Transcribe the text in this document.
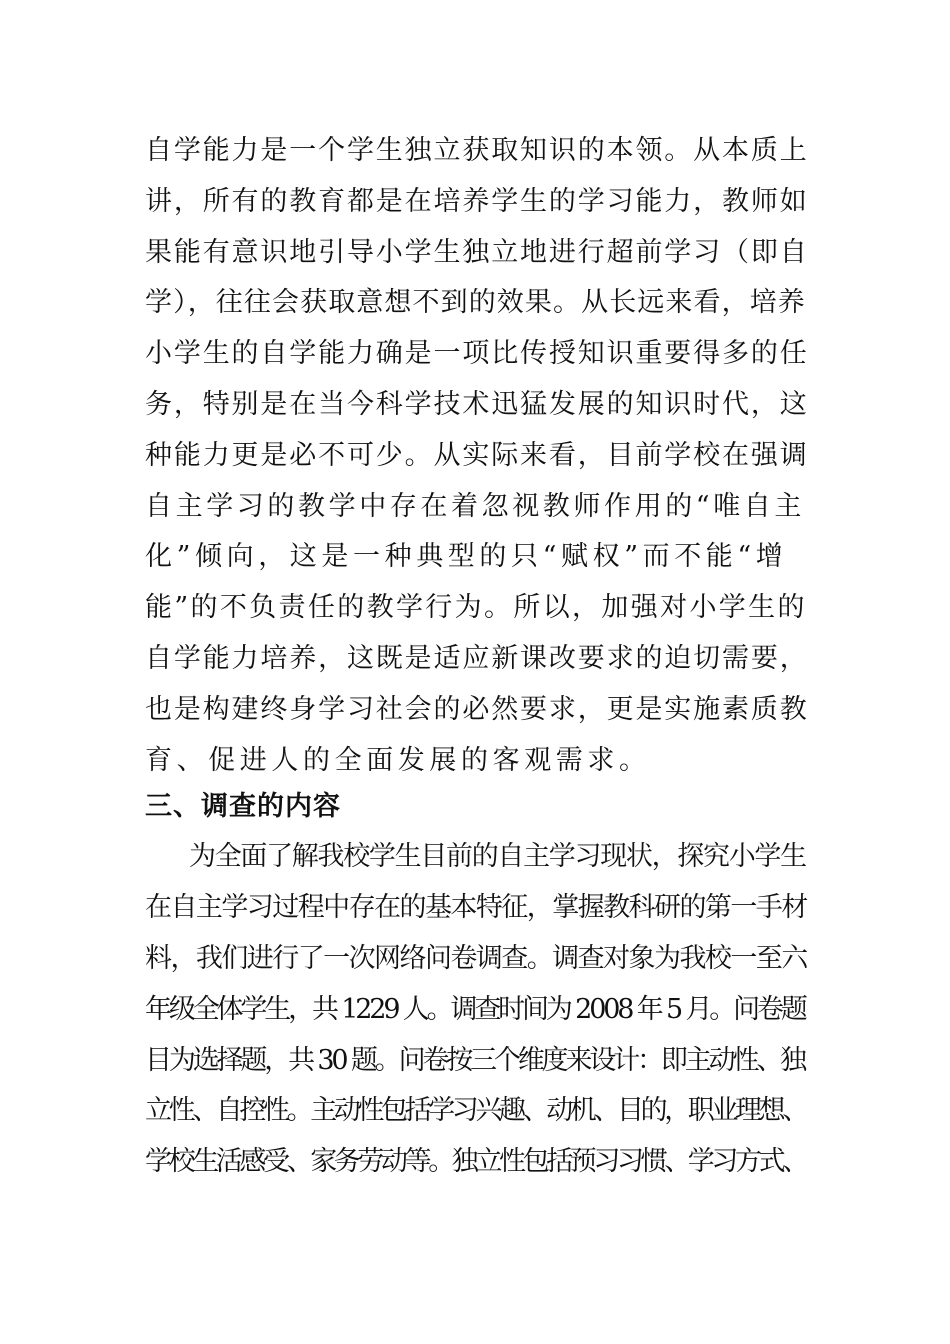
自学能力是一个学生独立获取知识的本领。从本质上
讲，所有的教育都是在培养学生的学习能力，教师如
果能有意识地引导小学生独立地进行超前学习（即自
学），往往会获取意想不到的效果。从长远来看，培养
小学生的自学能力确是一项比传授知识重要得多的任
务，特别是在当今科学技术迅猛发展的知识时代，这
种能力更是必不可少。从实际来看，目前学校在强调
自主学习的教学中存在着忽视教师作用的“唯自主
化”倾向，这是一种典型的只“赋权”而不能“增
能”的不负责任的教学行为。所以，加强对小学生的
自学能力培养，这既是适应新课改要求的迫切需要，
也是构建终身学习社会的必然要求，更是实施素质教
育、促进人的全面发展的客观需求。
三、调查的内容
为全面了解我校学生目前的自主学习现状，探究小学生
在自主学习过程中存在的基本特征，掌握教科研的第一手材
料，我们进行了一次网络问卷调查。调查对象为我校一至六
年级全体学生，共 1229 人。调查时间为 2008 年 5 月。问卷题
目为选择题，共 30 题。问卷按三个维度来设计：即主动性、独
立性、自控性。主动性包括学习兴趣、动机、目的，职业理想、
学校生活感受、家务劳动等。独立性包括预习习惯、学习方式、
